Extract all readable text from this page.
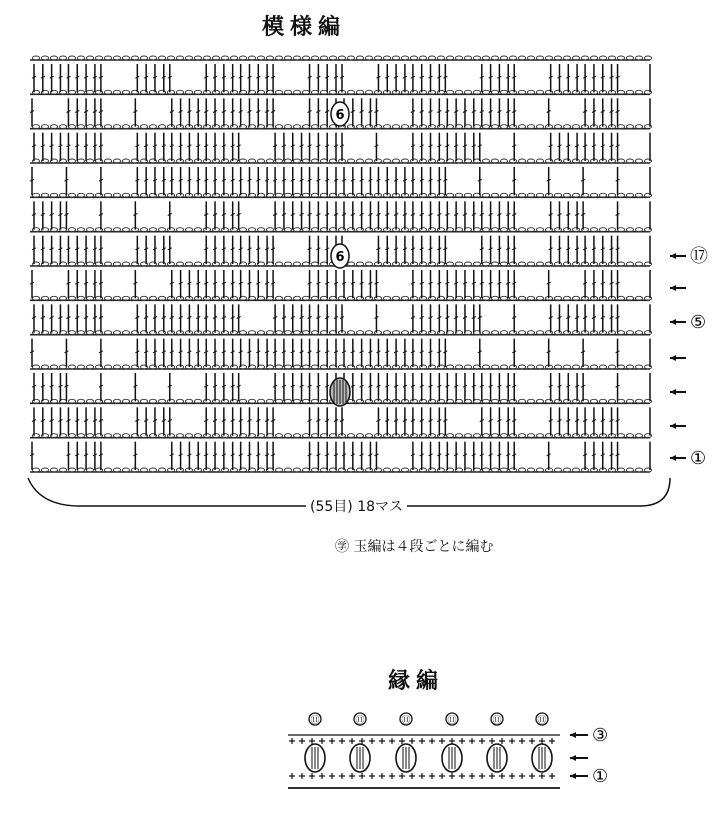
模様編
縁編
6
6	⑰
⑤
①
⑪	⑪	⑪	⑪	⑪	⑪
③
①
(55目) 18マス
㊫ 玉編は４段ごとに編む
